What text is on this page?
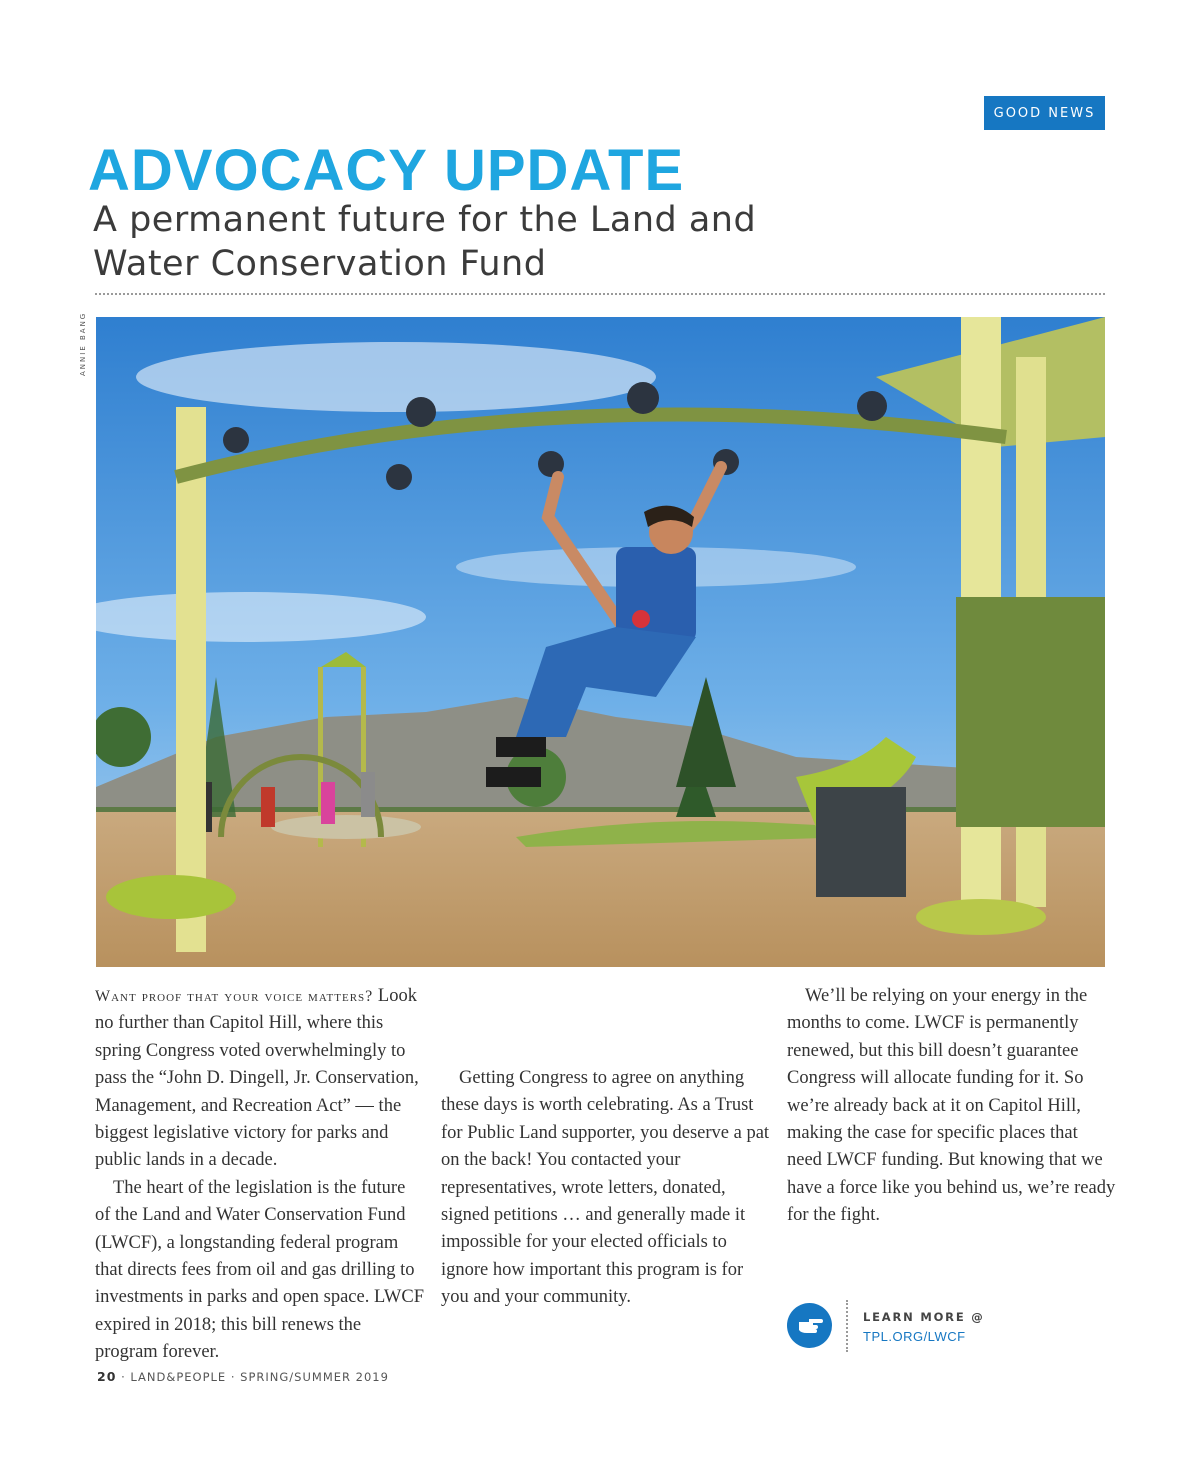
GOOD NEWS
ADVOCACY UPDATE
A permanent future for the Land and Water Conservation Fund
ANNIE BANG

Want proof that your voice matters? Look no further than Capitol Hill, where this spring Congress voted overwhelmingly to pass the “John D. Dingell, Jr. Conservation, Management, and Recreation Act” — the biggest legislative victory for parks and public lands in a decade.

The heart of the legislation is the future of the Land and Water Conservation Fund (LWCF), a longstanding federal program that directs fees from oil and gas drilling to investments in parks and open space. LWCF expired in 2018; this bill renews the program forever.

Getting Congress to agree on anything these days is worth celebrating. As a Trust for Public Land supporter, you deserve a pat on the back! You contacted your representatives, wrote letters, donated, signed petitions … and generally made it impossible for your elected officials to ignore how important this program is for you and your community.

We’ll be relying on your energy in the months to come. LWCF is permanently renewed, but this bill doesn’t guarantee Congress will allocate funding for it. So we’re already back at it on Capitol Hill, making the case for specific places that need LWCF funding. But knowing that we have a force like you behind us, we’re ready for the fight.

LEARN MORE @
TPL.ORG/LWCF
20 · LAND&PEOPLE · SPRING/SUMMER 2019
